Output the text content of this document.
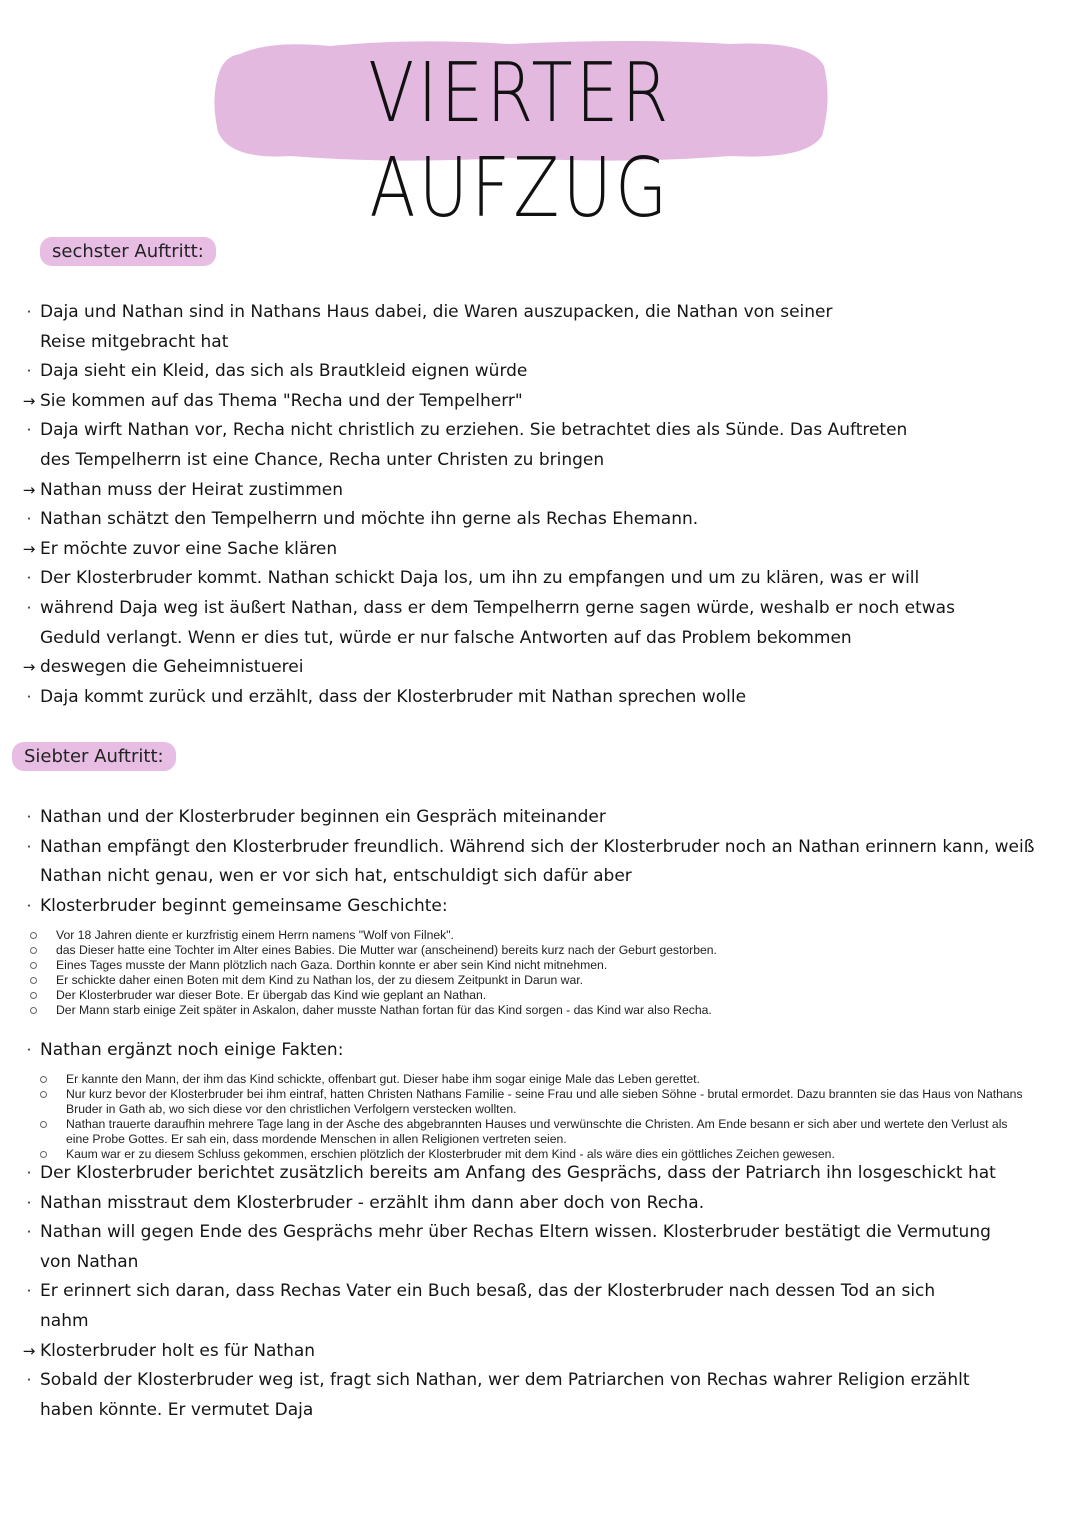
VIERTER AUFZUG
sechster Auftritt:
· Daja und Nathan sind in Nathans Haus dabei, die Waren auszupacken, die Nathan von seiner
Reise mitgebracht hat
· Daja sieht ein Kleid, das sich als Brautkleid eignen würde
→ Sie kommen auf das Thema "Recha und der Tempelherr"
· Daja wirft Nathan vor, Recha nicht christlich zu erziehen. Sie betrachtet dies als Sünde. Das Auftreten
des Tempelherrn ist eine Chance, Recha unter Christen zu bringen
→ Nathan muss der Heirat zustimmen
· Nathan schätzt den Tempelherrn und möchte ihn gerne als Rechas Ehemann.
→ Er möchte zuvor eine Sache klären
· Der Klosterbruder kommt. Nathan schickt Daja los, um ihn zu empfangen und um zu klären, was er will
· während Daja weg ist äußert Nathan, dass er dem Tempelherrn gerne sagen würde, weshalb er noch etwas
Geduld verlangt. Wenn er dies tut, würde er nur falsche Antworten auf das Problem bekommen
→ deswegen die Geheimnistuerei
· Daja kommt zurück und erzählt, dass der Klosterbruder mit Nathan sprechen wolle
Siebter Auftritt:
· Nathan und der Klosterbruder beginnen ein Gespräch miteinander
· Nathan empfängt den Klosterbruder freundlich. Während sich der Klosterbruder noch an Nathan erinnern kann, weiß
Nathan nicht genau, wen er vor sich hat, entschuldigt sich dafür aber
· Klosterbruder beginnt gemeinsame Geschichte:
Vor 18 Jahren diente er kurzfristig einem Herrn namens "Wolf von Filnek".
das Dieser hatte eine Tochter im Alter eines Babies. Die Mutter war (anscheinend) bereits kurz nach der Geburt gestorben.
Eines Tages musste der Mann plötzlich nach Gaza. Dorthin konnte er aber sein Kind nicht mitnehmen.
Er schickte daher einen Boten mit dem Kind zu Nathan los, der zu diesem Zeitpunkt in Darun war.
Der Klosterbruder war dieser Bote. Er übergab das Kind wie geplant an Nathan.
Der Mann starb einige Zeit später in Askalon, daher musste Nathan fortan für das Kind sorgen - das Kind war also Recha.
· Nathan ergänzt noch einige Fakten:
Er kannte den Mann, der ihm das Kind schickte, offenbart gut. Dieser habe ihm sogar einige Male das Leben gerettet.
Nur kurz bevor der Klosterbruder bei ihm eintraf, hatten Christen Nathans Familie - seine Frau und alle sieben Söhne - brutal ermordet. Dazu brannten sie das Haus von Nathans Bruder in Gath ab, wo sich diese vor den christlichen Verfolgern verstecken wollten.
Nathan trauerte daraufhin mehrere Tage lang in der Asche des abgebrannten Hauses und verwünschte die Christen. Am Ende besann er sich aber und wertete den Verlust als eine Probe Gottes. Er sah ein, dass mordende Menschen in allen Religionen vertreten seien.
Kaum war er zu diesem Schluss gekommen, erschien plötzlich der Klosterbruder mit dem Kind - als wäre dies ein göttliches Zeichen gewesen.
· Der Klosterbruder berichtet zusätzlich bereits am Anfang des Gesprächs, dass der Patriarch ihn losgeschickt hat
· Nathan misstraut dem Klosterbruder - erzählt ihm dann aber doch von Recha.
· Nathan will gegen Ende des Gesprächs mehr über Rechas Eltern wissen. Klosterbruder bestätigt die Vermutung
von Nathan
· Er erinnert sich daran, dass Rechas Vater ein Buch besaß, das der Klosterbruder nach dessen Tod an sich
nahm
→ Klosterbruder holt es für Nathan
· Sobald der Klosterbruder weg ist, fragt sich Nathan, wer dem Patriarchen von Rechas wahrer Religion erzählt
haben könnte. Er vermutet Daja
